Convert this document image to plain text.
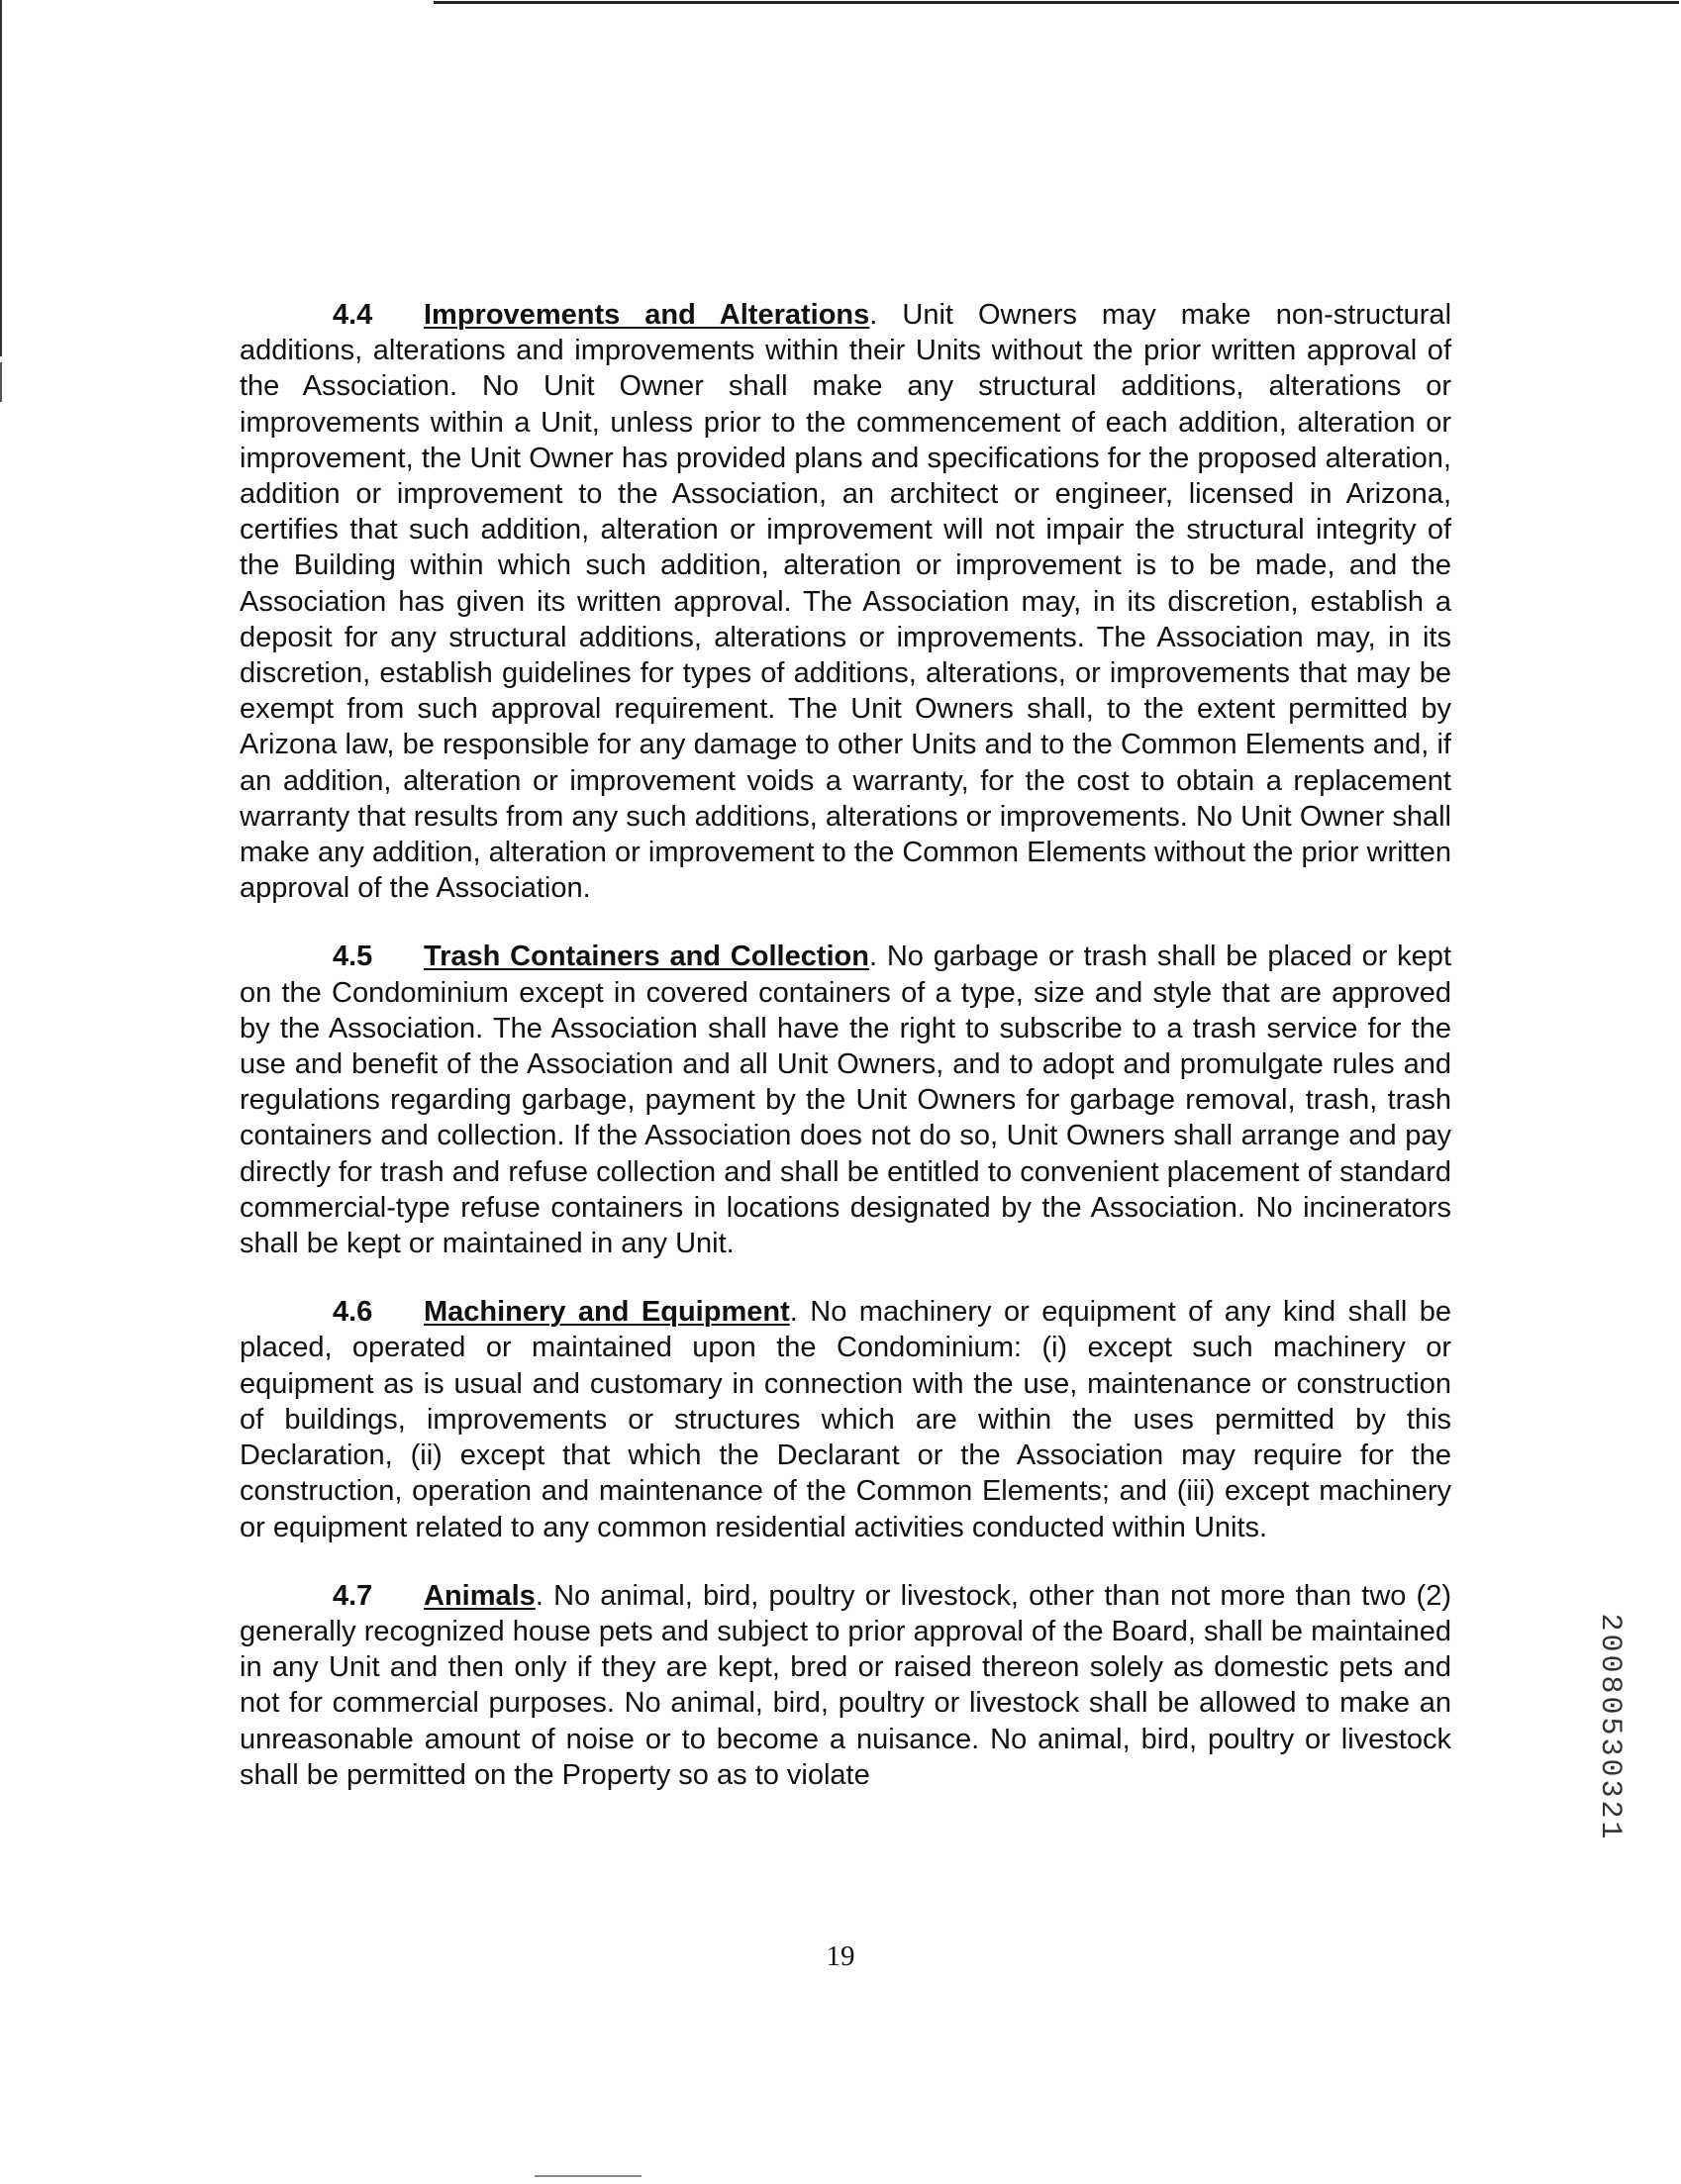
4.4 Improvements and Alterations. Unit Owners may make non-structural additions, alterations and improvements within their Units without the prior written approval of the Association. No Unit Owner shall make any structural additions, alterations or improvements within a Unit, unless prior to the commencement of each addition, alteration or improvement, the Unit Owner has provided plans and specifications for the proposed alteration, addition or improvement to the Association, an architect or engineer, licensed in Arizona, certifies that such addition, alteration or improvement will not impair the structural integrity of the Building within which such addition, alteration or improvement is to be made, and the Association has given its written approval. The Association may, in its discretion, establish a deposit for any structural additions, alterations or improvements. The Association may, in its discretion, establish guidelines for types of additions, alterations, or improvements that may be exempt from such approval requirement. The Unit Owners shall, to the extent permitted by Arizona law, be responsible for any damage to other Units and to the Common Elements and, if an addition, alteration or improvement voids a warranty, for the cost to obtain a replacement warranty that results from any such additions, alterations or improvements. No Unit Owner shall make any addition, alteration or improvement to the Common Elements without the prior written approval of the Association.

4.5 Trash Containers and Collection. No garbage or trash shall be placed or kept on the Condominium except in covered containers of a type, size and style that are approved by the Association. The Association shall have the right to subscribe to a trash service for the use and benefit of the Association and all Unit Owners, and to adopt and promulgate rules and regulations regarding garbage, payment by the Unit Owners for garbage removal, trash, trash containers and collection. If the Association does not do so, Unit Owners shall arrange and pay directly for trash and refuse collection and shall be entitled to convenient placement of standard commercial-type refuse containers in locations designated by the Association. No incinerators shall be kept or maintained in any Unit.

4.6 Machinery and Equipment. No machinery or equipment of any kind shall be placed, operated or maintained upon the Condominium: (i) except such machinery or equipment as is usual and customary in connection with the use, maintenance or construction of buildings, improvements or structures which are within the uses permitted by this Declaration, (ii) except that which the Declarant or the Association may require for the construction, operation and maintenance of the Common Elements; and (iii) except machinery or equipment related to any common residential activities conducted within Units.

4.7 Animals. No animal, bird, poultry or livestock, other than not more than two (2) generally recognized house pets and subject to prior approval of the Board, shall be maintained in any Unit and then only if they are kept, bred or raised thereon solely as domestic pets and not for commercial purposes. No animal, bird, poultry or livestock shall be allowed to make an unreasonable amount of noise or to become a nuisance. No animal, bird, poultry or livestock shall be permitted on the Property so as to violate

19
20080530321
